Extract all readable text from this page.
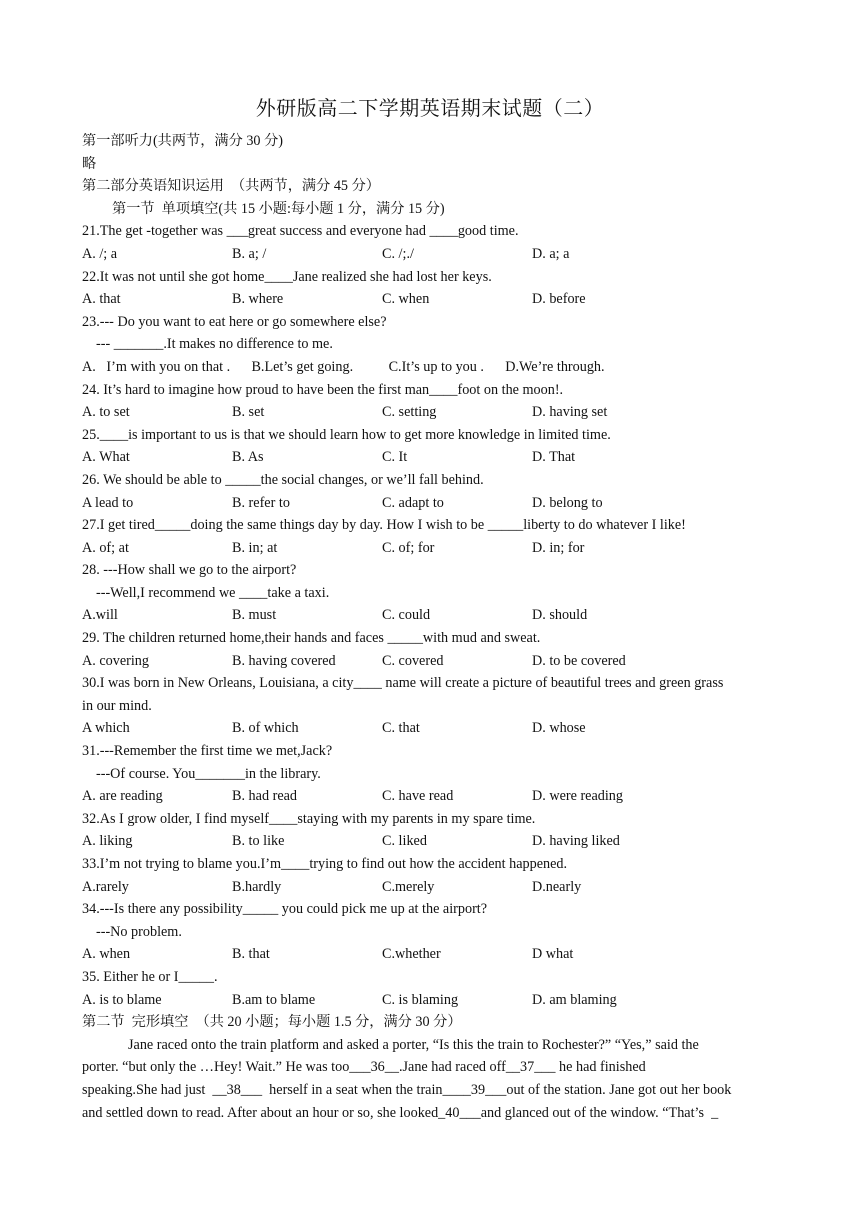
外研版高二下学期英语期末试题（二）
第一部听力(共两节，满分 30 分)
略
第二部分英语知识运用  （共两节，满分 45 分）
第一节  单项填空(共 15 小题:每小题 1 分，满分 15 分)
21.The get -together was ___great success and everyone had ____good time.
A. /; a	B. a; /	C. /;./	D. a; a
22.It was not until she got home____Jane realized she had lost her keys.
A. that	B. where	C. when	D. before
23.--- Do you want to eat here or go somewhere else?
--- _______.It makes no difference to me.
A.   I’m with you on that .      B.Let’s get going.          C.It’s up to you .      D.We’re through.
24. It’s hard to imagine how proud to have been the first man____foot on the moon!.
A. to set	B. set	C. setting	D. having set
25.____is important to us is that we should learn how to get more knowledge in limited time.
A. What	B. As	C. It	D. That
26. We should be able to _____the social changes, or we’ll fall behind.
A lead to	B. refer to	C. adapt to	D. belong to
27.I get tired_____doing the same things day by day. How I wish to be _____liberty to do whatever I like!
A. of; at	B. in; at	C. of; for	D. in; for
28. ---How shall we go to the airport?
---Well,I recommend we ____take a taxi.
A.will	B. must	C. could	D. should
29. The children returned home,their hands and faces _____with mud and sweat.
A. covering	B. having covered	C. covered	D. to be covered
30.I was born in New Orleans, Louisiana, a city____ name will create a picture of beautiful trees and green grass
in our mind.
A which	B. of which	C. that	D. whose
31.---Remember the first time we met,Jack?
---Of course. You_______in the library.
A. are reading	B. had read	C. have read	D. were reading
32.As I grow older, I find myself____staying with my parents in my spare time.
A. liking	B. to like	C. liked	D. having liked
33.I’m not trying to blame you.I’m____trying to find out how the accident happened.
A.rarely	B.hardly	C.merely	D.nearly
34.---Is there any possibility_____ you could pick me up at the airport?
---No problem.
A. when	B. that	C.whether	D what
35. Either he or I_____.
A. is to blame	B.am to blame	C. is blaming	D. am blaming
第二节  完形填空  （共 20 小题；每小题 1.5 分，满分 30 分）
Jane raced onto the train platform and asked a porter, “Is this the train to Rochester?” “Yes,” said the
porter. “but only the …Hey! Wait.” He was too___36__.Jane had raced off__37___ he had finished
speaking.She had just  __38___  herself in a seat when the train____39___out of the station. Jane got out her book
and settled down to read. After about an hour or so, she looked_40___and glanced out of the window. “That’s  _
